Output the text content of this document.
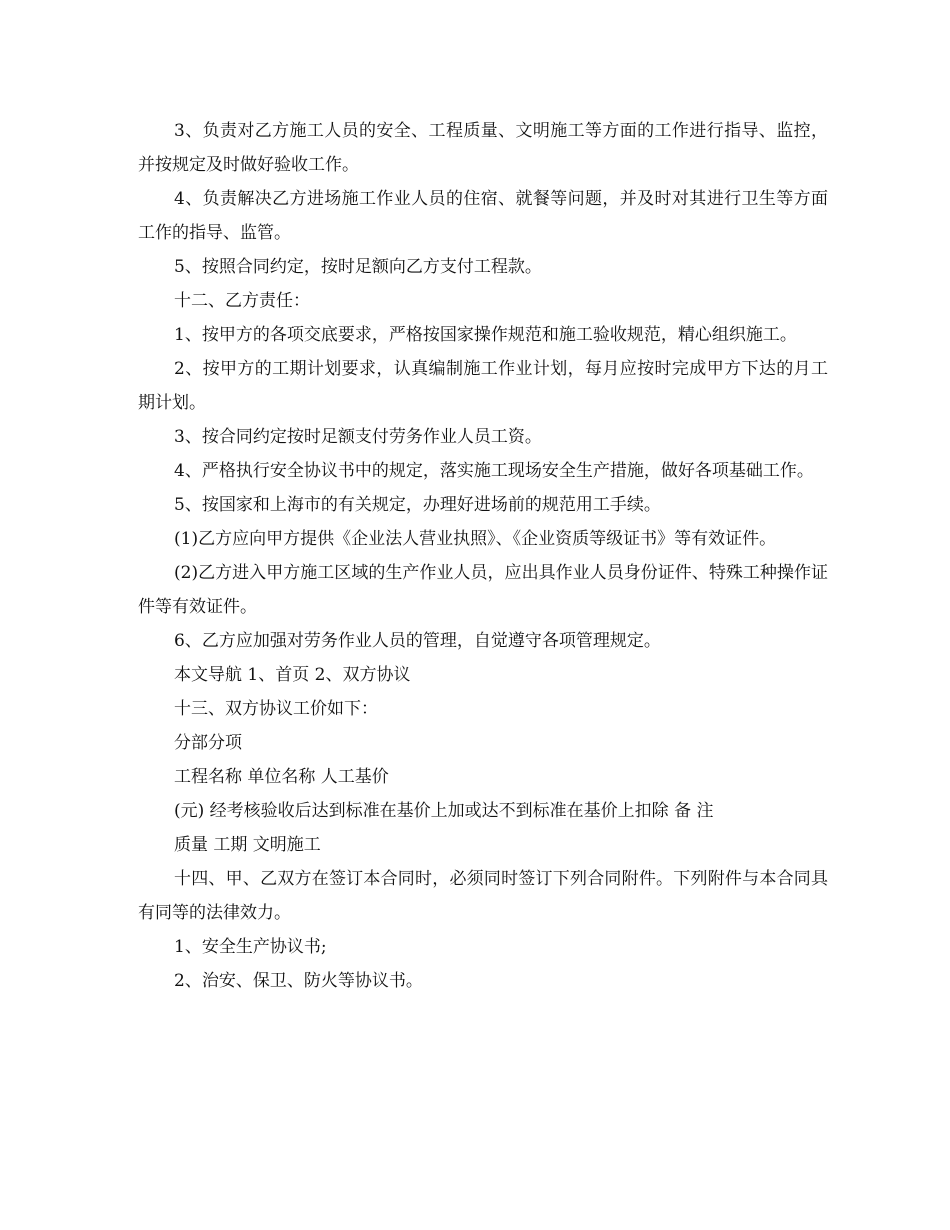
3、负责对乙方施工人员的安全、工程质量、文明施工等方面的工作进行指导、监控，并按规定及时做好验收工作。

4、负责解决乙方进场施工作业人员的住宿、就餐等问题，并及时对其进行卫生等方面工作的指导、监管。

5、按照合同约定，按时足额向乙方支付工程款。

十二、乙方责任：

1、按甲方的各项交底要求，严格按国家操作规范和施工验收规范，精心组织施工。

2、按甲方的工期计划要求，认真编制施工作业计划，每月应按时完成甲方下达的月工期计划。

3、按合同约定按时足额支付劳务作业人员工资。

4、严格执行安全协议书中的规定，落实施工现场安全生产措施，做好各项基础工作。

5、按国家和上海市的有关规定，办理好进场前的规范用工手续。

(1)乙方应向甲方提供《企业法人营业执照》、《企业资质等级证书》等有效证件。

(2)乙方进入甲方施工区域的生产作业人员，应出具作业人员身份证件、特殊工种操作证件等有效证件。

6、乙方应加强对劳务作业人员的管理，自觉遵守各项管理规定。

本文导航 1、首页 2、双方协议

十三、双方协议工价如下：

分部分项

工程名称 单位名称 人工基价

(元) 经考核验收后达到标准在基价上加或达不到标准在基价上扣除 备 注

质量 工期 文明施工

十四、甲、乙双方在签订本合同时，必须同时签订下列合同附件。下列附件与本合同具有同等的法律效力。

1、安全生产协议书;

2、治安、保卫、防火等协议书。
